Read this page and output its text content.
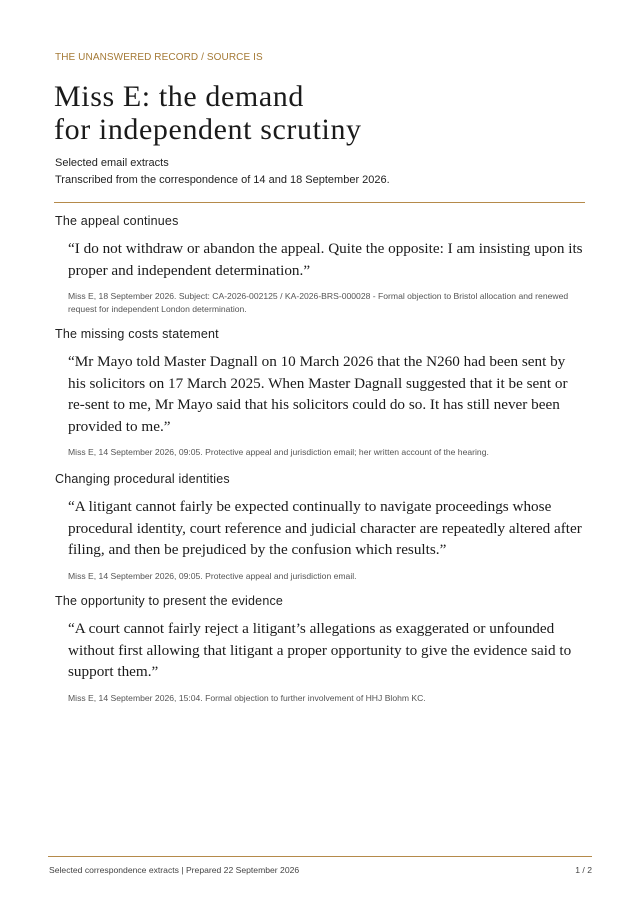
THE UNANSWERED RECORD / SOURCE IS
Miss E: the demand
for independent scrutiny
Selected email extracts
Transcribed from the correspondence of 14 and 18 September 2026.
The appeal continues
“I do not withdraw or abandon the appeal. Quite the opposite: I am insisting upon its proper and independent determination.”
Miss E, 18 September 2026. Subject: CA-2026-002125 / KA-2026-BRS-000028 - Formal objection to Bristol allocation and renewed request for independent London determination.
The missing costs statement
“Mr Mayo told Master Dagnall on 10 March 2026 that the N260 had been sent by his solicitors on 17 March 2025. When Master Dagnall suggested that it be sent or re-sent to me, Mr Mayo said that his solicitors could do so. It has still never been provided to me.”
Miss E, 14 September 2026, 09:05. Protective appeal and jurisdiction email; her written account of the hearing.
Changing procedural identities
“A litigant cannot fairly be expected continually to navigate proceedings whose procedural identity, court reference and judicial character are repeatedly altered after filing, and then be prejudiced by the confusion which results.”
Miss E, 14 September 2026, 09:05. Protective appeal and jurisdiction email.
The opportunity to present the evidence
“A court cannot fairly reject a litigant’s allegations as exaggerated or unfounded without first allowing that litigant a proper opportunity to give the evidence said to support them.”
Miss E, 14 September 2026, 15:04. Formal objection to further involvement of HHJ Blohm KC.
Selected correspondence extracts | Prepared 22 September 2026	1 / 2
